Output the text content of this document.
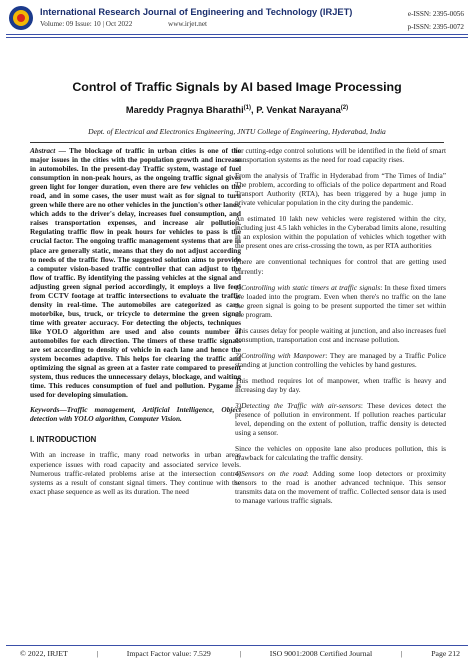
International Research Journal of Engineering and Technology (IRJET)
Volume: 09 Issue: 10 | Oct 2022	www.irjet.net
e-ISSN: 2395-0056
p-ISSN: 2395-0072
Control of Traffic Signals by AI based Image Processing
Mareddy Pragnya Bharathi$^{(1)}$, P. Venkat Narayana$^{(2)}$
Dept. of Electrical and Electronics Engineering, JNTU College of Engineering, Hyderabad, India

Abstract — The blockage of traffic in urban cities is one of the major issues in the cities with the population growth and increase in automobiles. In the present-day Traffic system, wastage of fuel consumption in non-peak hours, as the ongoing traffic signal gives green light for longer duration, even there are few vehicles on the road, and in some cases, the user must wait as for signal to turn green while there are no other vehicles in the junction's other lanes, which adds to the driver's delay, increases fuel consumption, and raises transportation expenses, and increase air pollution. Regulating traffic flow in peak hours for vehicles to pass is the crucial factor. The ongoing traffic management systems that are in place are generally static, means that they do not adjust according to needs of the traffic flow. The suggested solution aims to provide a computer vision-based traffic controller that can adjust to the flow of traffic. By identifying the passing vehicles at the signal and adjusting green signal period accordingly, it employs a live feed from CCTV footage at traffic intersections to evaluate the traffic density in real-time. The automobiles are categorized as cars, motorbike, bus, truck, or tricycle to determine the green signal time with greater accuracy. For detecting the objects, techniques like YOLO algorithm are used and also counts number of automobiles for each direction. The timers of these traffic signals are set according to density of vehicle in each lane and hence the system becomes adaptive. This helps for clearing the traffic and optimizing the signal as green at a faster rate compared to present system, thus reduces the unnecessary delays, blockage, and waiting time. This reduces consumption of fuel and pollution. Pygame is used for developing simulation.

Keywords—Traffic management, Artificial Intelligence, Object detection with YOLO algorithm, Computer Vision.

I. INTRODUCTION

With an increase in traffic, many road networks in urban areas experience issues with road capacity and associated service levels. Numerous traffic-related problems arise at the intersection control systems as a result of constant signal timers. They continue with the exact phase sequence as well as its duration. The need

for cutting-edge control solutions will be identified in the field of smart transportation systems as the need for road capacity rises.

From the analysis of Traffic in Hyderabad from “The Times of India” The problem, according to officials of the police department and Road Transport Authority (RTA), has been triggered by a huge jump in private vehicular population in the city during the pandemic.

An estimated 10 lakh new vehicles were registered within the city, including just 4.5 lakh vehicles in the Cyberabad limits alone, resulting in an explosion within the population of vehicles which together with the present ones are criss-crossing the town, as per RTA authorities

There are conventional techniques for control that are getting used currently:

1)Controlling with static timers at traffic signals: In these fixed timers are loaded into the program. Even when there's no traffic on the lane the green signal is going to be present supported the timer set within the program.

This causes delay for people waiting at junction, and also increases fuel consumption, transportation cost and increase pollution.

2)Controlling with Manpower: They are managed by a Traffic Police standing at junction controlling the vehicles by hand gestures.

This method requires lot of manpower, when traffic is heavy and increasing day by day.

3)Detecting the Traffic with air-sensors: These devices detect the presence of pollution in environment. If pollution reaches particular level, depending on the extent of pollution, traffic density is detected using a sensor.

Since the vehicles on opposite lane also produces pollution, this is drawback for calculating the traffic density.

4)Sensors on the road: Adding some loop detectors or proximity sensors to the road is another advanced technique. This sensor transmits data on the movement of traffic. Collected sensor data is used to manage various traffic signals.

© 2022, IRJET	|	Impact Factor value: 7.529	|	ISO 9001:2008 Certified Journal	|	Page 212
